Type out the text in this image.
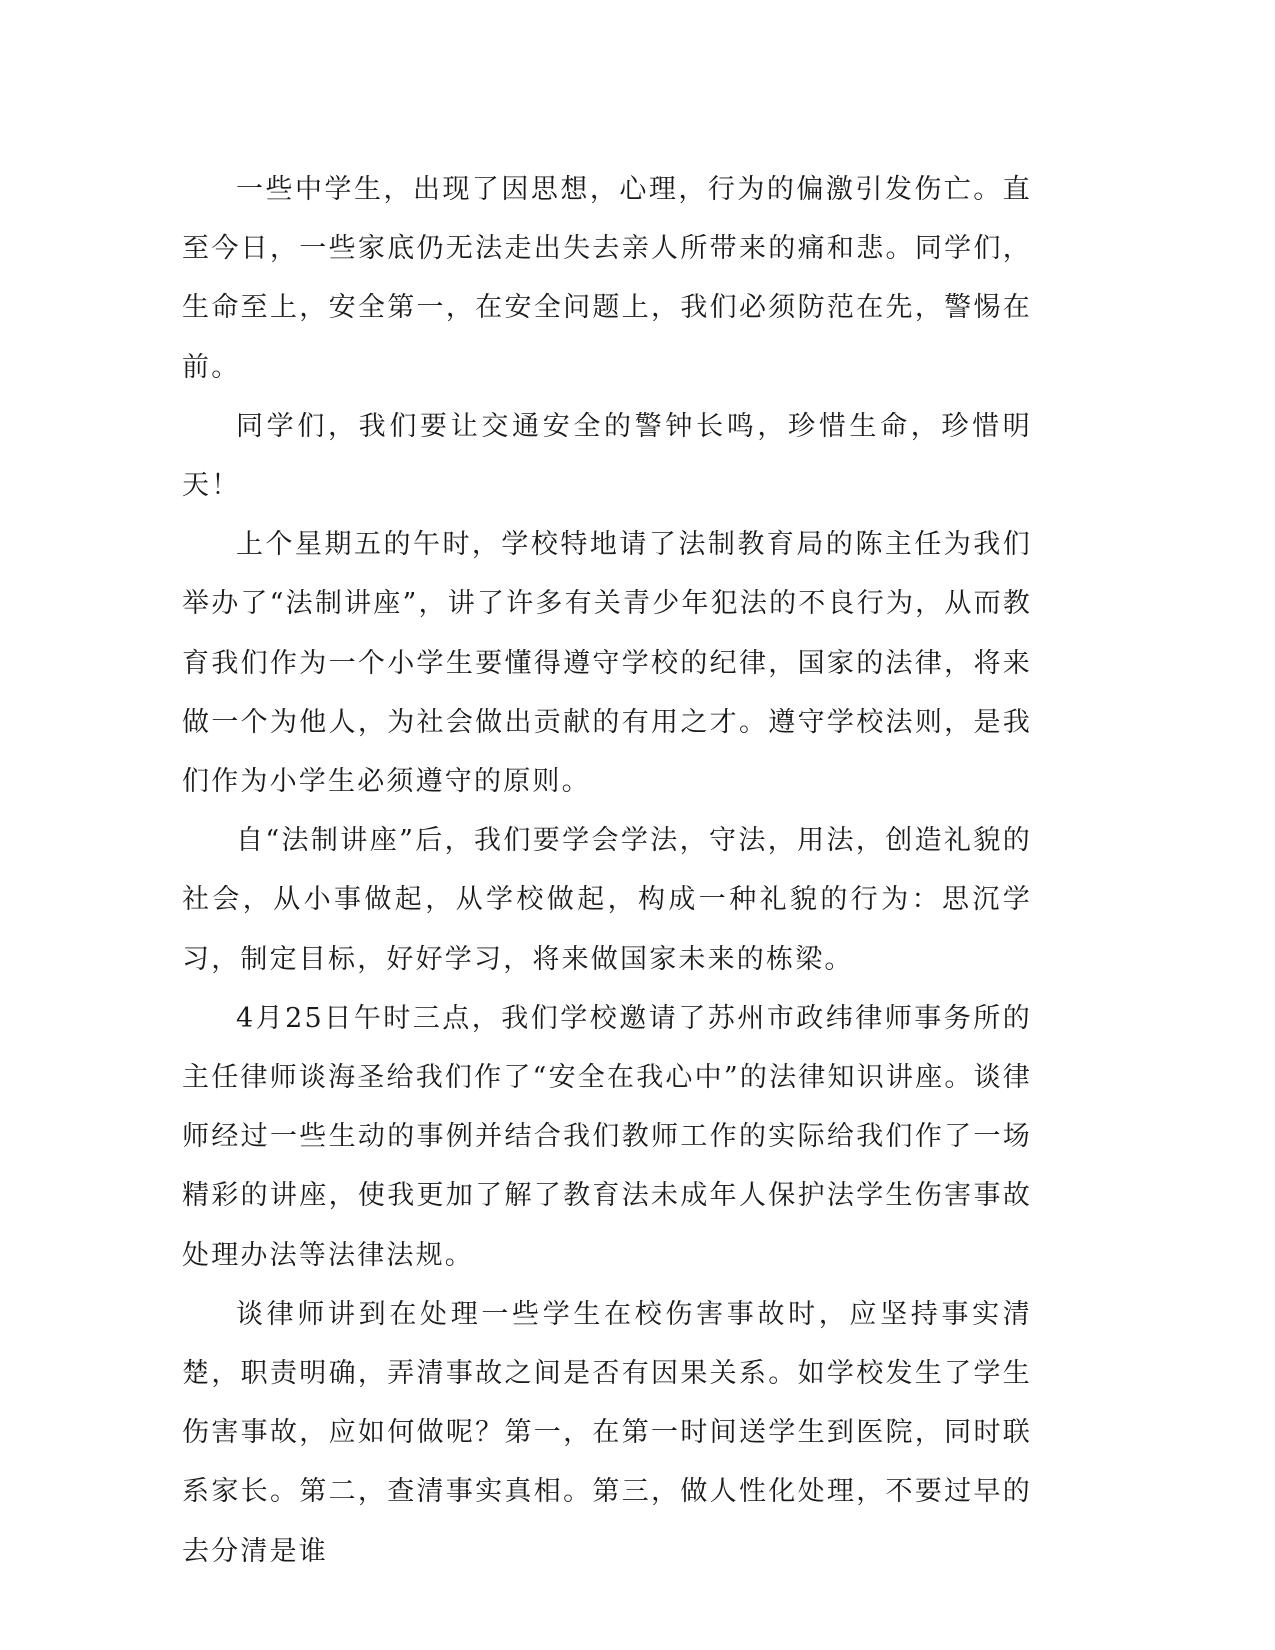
一些中学生，出现了因思想，心理，行为的偏激引发伤亡。直至今日，一些家底仍无法走出失去亲人所带来的痛和悲。同学们，生命至上，安全第一，在安全问题上，我们必须防范在先，警惕在前。

同学们，我们要让交通安全的警钟长鸣，珍惜生命，珍惜明天！

上个星期五的午时，学校特地请了法制教育局的陈主任为我们举办了“法制讲座”，讲了许多有关青少年犯法的不良行为，从而教育我们作为一个小学生要懂得遵守学校的纪律，国家的法律，将来做一个为他人，为社会做出贡献的有用之才。遵守学校法则，是我们作为小学生必须遵守的原则。

自“法制讲座”后，我们要学会学法，守法，用法，创造礼貌的社会，从小事做起，从学校做起，构成一种礼貌的行为：思沉学习，制定目标，好好学习，将来做国家未来的栋梁。

4月25日午时三点，我们学校邀请了苏州市政纬律师事务所的主任律师谈海圣给我们作了“安全在我心中”的法律知识讲座。谈律师经过一些生动的事例并结合我们教师工作的实际给我们作了一场精彩的讲座，使我更加了解了教育法未成年人保护法学生伤害事故处理办法等法律法规。

谈律师讲到在处理一些学生在校伤害事故时，应坚持事实清楚，职责明确，弄清事故之间是否有因果关系。如学校发生了学生伤害事故，应如何做呢？第一，在第一时间送学生到医院，同时联系家长。第二，查清事实真相。第三，做人性化处理，不要过早的去分清是谁
